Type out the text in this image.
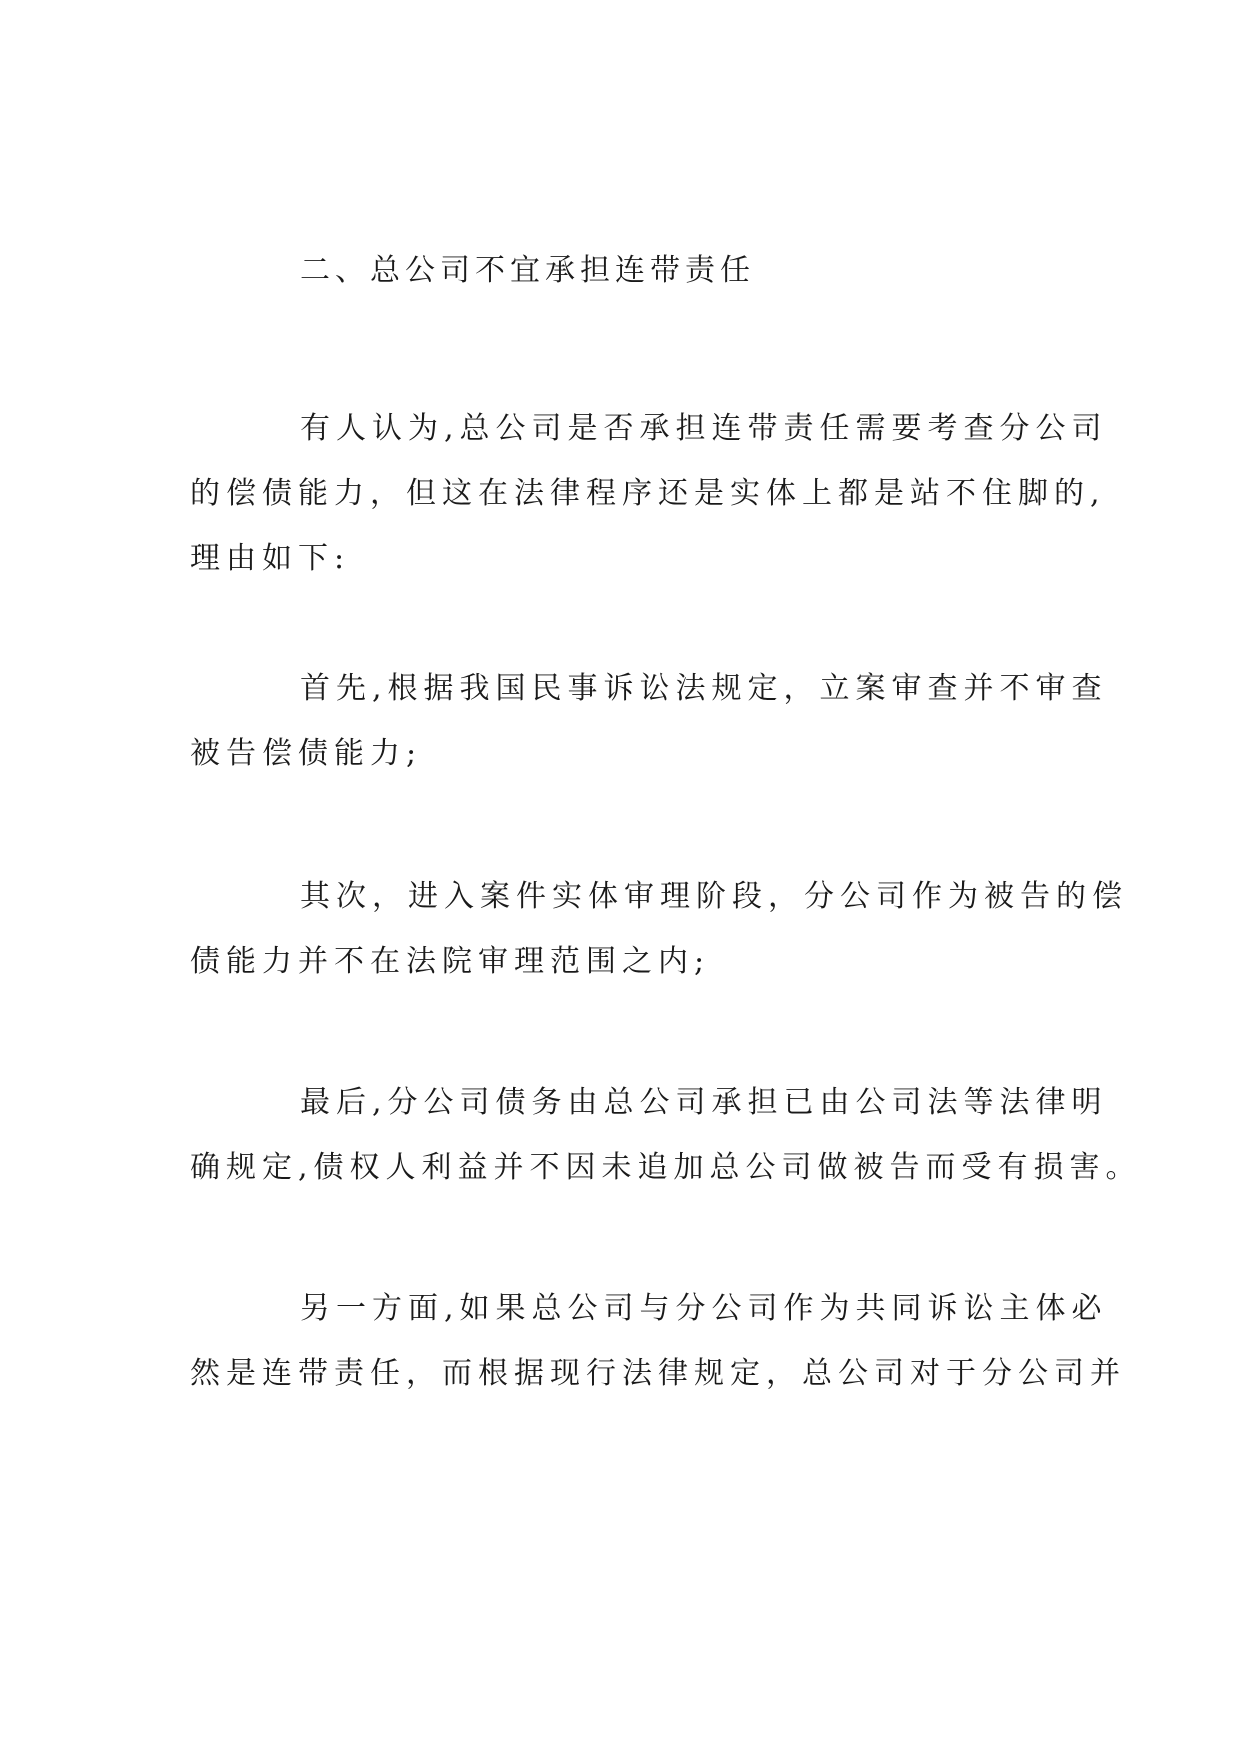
二、总公司不宜承担连带责任

有人认为,总公司是否承担连带责任需要考查分公司
的偿债能力，但这在法律程序还是实体上都是站不住脚的,
理由如下:

首先,根据我国民事诉讼法规定，立案审查并不审查
被告偿债能力;

其次，进入案件实体审理阶段，分公司作为被告的偿
债能力并不在法院审理范围之内;

最后,分公司债务由总公司承担已由公司法等法律明
确规定,债权人利益并不因未追加总公司做被告而受有损害。

另一方面,如果总公司与分公司作为共同诉讼主体必
然是连带责任，而根据现行法律规定，总公司对于分公司并
